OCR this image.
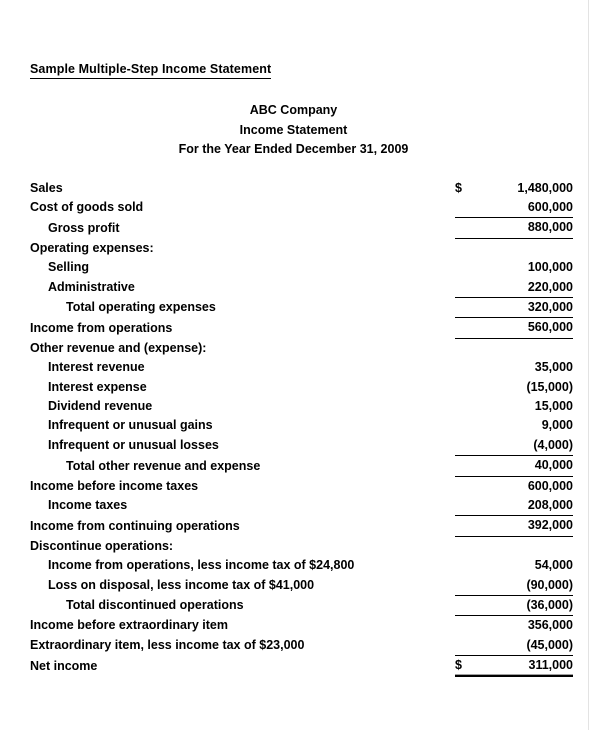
Sample Multiple-Step Income Statement
ABC Company
Income Statement
For the Year Ended December 31, 2009
Sales	$	1,480,000
Cost of goods sold		600,000
Gross profit		880,000
Operating expenses:		
Selling		100,000
Administrative		220,000
Total operating expenses		320,000
Income from operations		560,000
Other revenue and (expense):		
Interest revenue		35,000
Interest expense		(15,000)
Dividend revenue		15,000
Infrequent or unusual gains		9,000
Infrequent or unusual losses		(4,000)
Total other revenue and expense		40,000
Income before income taxes		600,000
Income taxes		208,000
Income from continuing operations		392,000
Discontinue operations:		
Income from operations, less income tax of $24,800		54,000
Loss on disposal, less income tax of $41,000		(90,000)
Total discontinued operations		(36,000)
Income before extraordinary item		356,000
Extraordinary item, less income tax of $23,000		(45,000)
Net income	$	311,000
